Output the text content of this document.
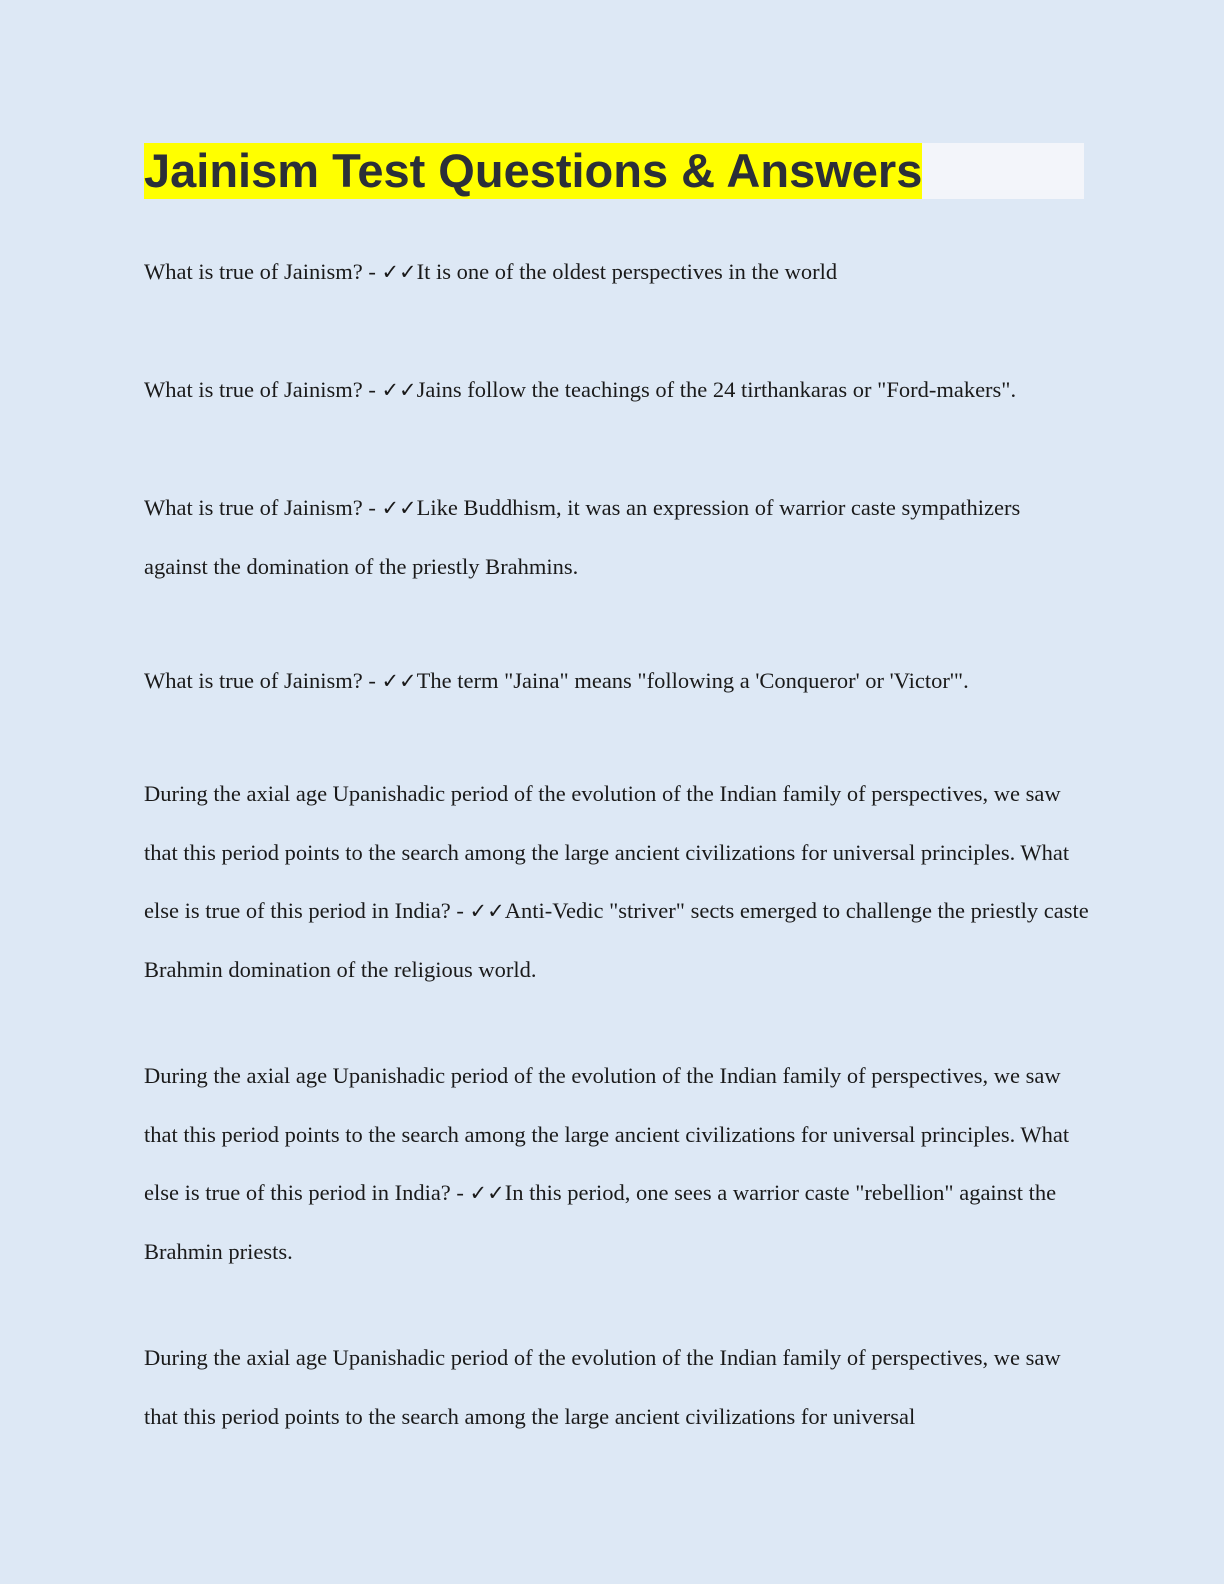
Jainism Test Questions & Answers

What is true of Jainism? - ✓✓It is one of the oldest perspectives in the world

What is true of Jainism? - ✓✓Jains follow the teachings of the 24 tirthankaras or "Ford-makers".

What is true of Jainism? - ✓✓Like Buddhism, it was an expression of warrior caste sympathizers against the domination of the priestly Brahmins.

What is true of Jainism? - ✓✓The term "Jaina" means "following a 'Conqueror' or 'Victor'".

During the axial age Upanishadic period of the evolution of the Indian family of perspectives, we saw that this period points to the search among the large ancient civilizations for universal principles. What else is true of this period in India? - ✓✓Anti-Vedic "striver" sects emerged to challenge the priestly caste Brahmin domination of the religious world.

During the axial age Upanishadic period of the evolution of the Indian family of perspectives, we saw that this period points to the search among the large ancient civilizations for universal principles. What else is true of this period in India? - ✓✓In this period, one sees a warrior caste "rebellion" against the Brahmin priests.

During the axial age Upanishadic period of the evolution of the Indian family of perspectives, we saw that this period points to the search among the large ancient civilizations for universal
